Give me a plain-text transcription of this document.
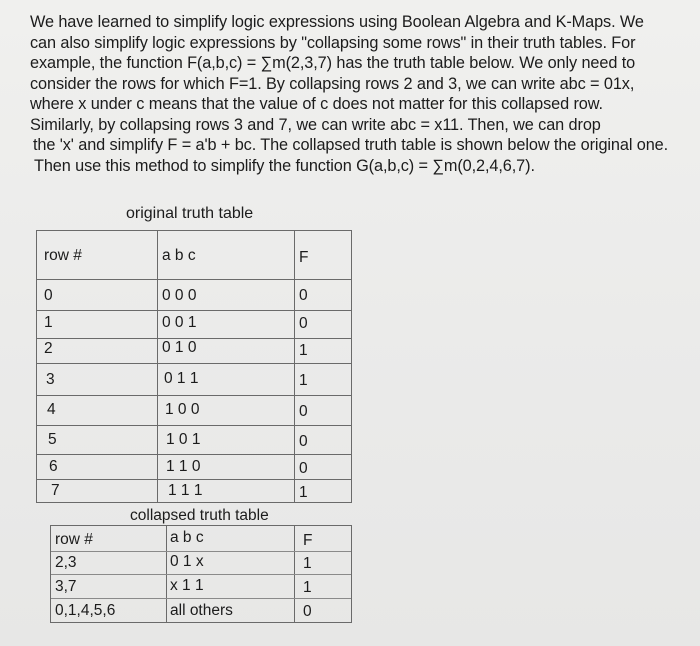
We have learned to simplify logic expressions using Boolean Algebra and K-Maps. We
can also simplify logic expressions by "collapsing some rows" in their truth tables. For
example, the function F(a,b,c) = ∑m(2,3,7) has the truth table below. We only need to
consider the rows for which F=1. By collapsing rows 2 and 3, we can write abc = 01x,
where x under c means that the value of c does not matter for this collapsed row.
Similarly, by collapsing rows 3 and 7, we can write abc = x11. Then, we can drop
the 'x' and simplify F = a'b + bc. The collapsed truth table is shown below the original one.
Then use this method to simplify the function G(a,b,c) = ∑m(0,2,4,6,7).
original truth table
row #	a b c	F
0	0 0 0	0
1	0 0 1	0
2	0 1 0	1
3	0 1 1	1
4	1 0 0	0
5	1 0 1	0
6	1 1 0	0
7	1 1 1	1
collapsed truth table
row #	a b c	F
2,3	0 1 x	1
3,7	x 1 1	1
0,1,4,5,6	all others	0
